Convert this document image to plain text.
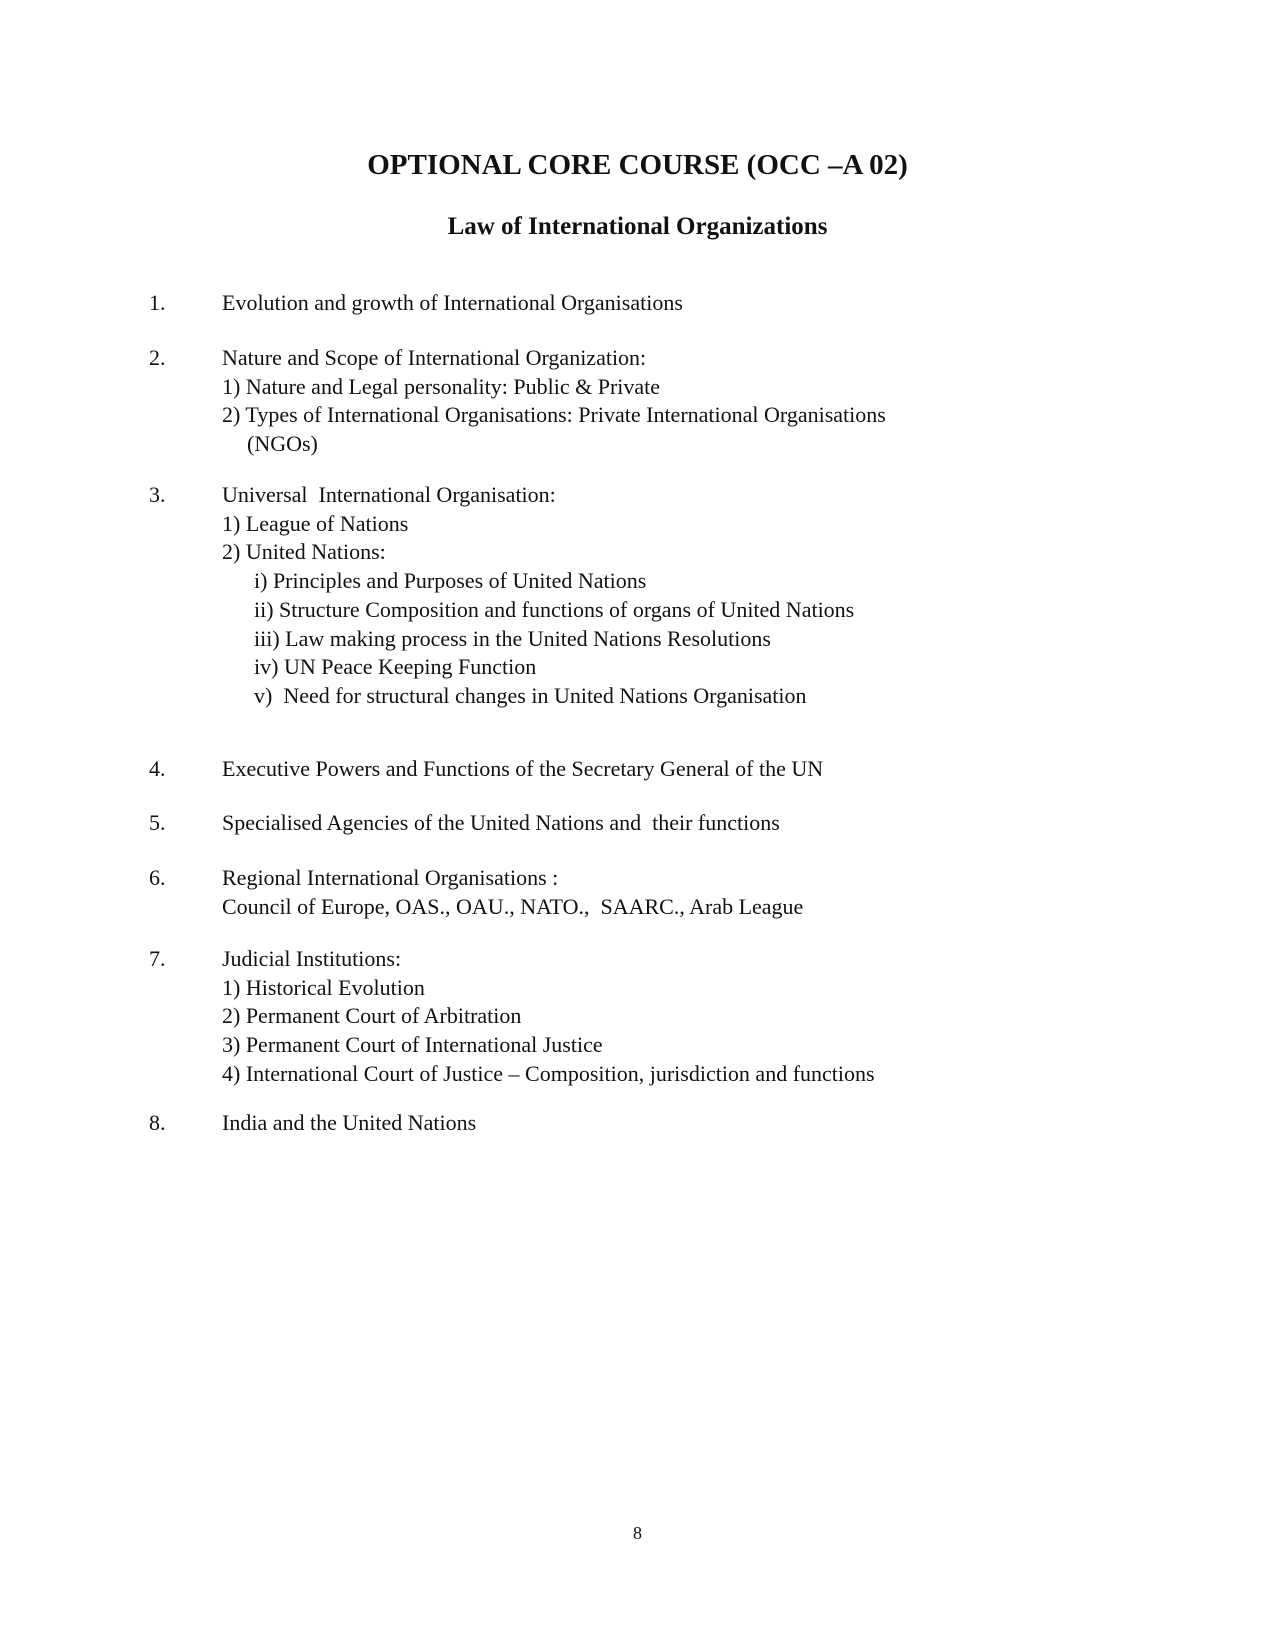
OPTIONAL CORE COURSE (OCC –A 02)
Law of International Organizations
1.	Evolution and growth of International Organisations
2.	Nature and Scope of International Organization:
1) Nature and Legal personality: Public & Private
2) Types of International Organisations: Private International Organisations
(NGOs)
3.	Universal  International Organisation:
1) League of Nations
2) United Nations:
i) Principles and Purposes of United Nations
ii) Structure Composition and functions of organs of United Nations
iii) Law making process in the United Nations Resolutions
iv) UN Peace Keeping Function
v)  Need for structural changes in United Nations Organisation
4.	Executive Powers and Functions of the Secretary General of the UN
5.	Specialised Agencies of the United Nations and  their functions
6.	Regional International Organisations :
Council of Europe, OAS., OAU., NATO.,  SAARC., Arab League
7.	Judicial Institutions:
1) Historical Evolution
2) Permanent Court of Arbitration
3) Permanent Court of International Justice
4) International Court of Justice – Composition, jurisdiction and functions
8.	India and the United Nations
8
